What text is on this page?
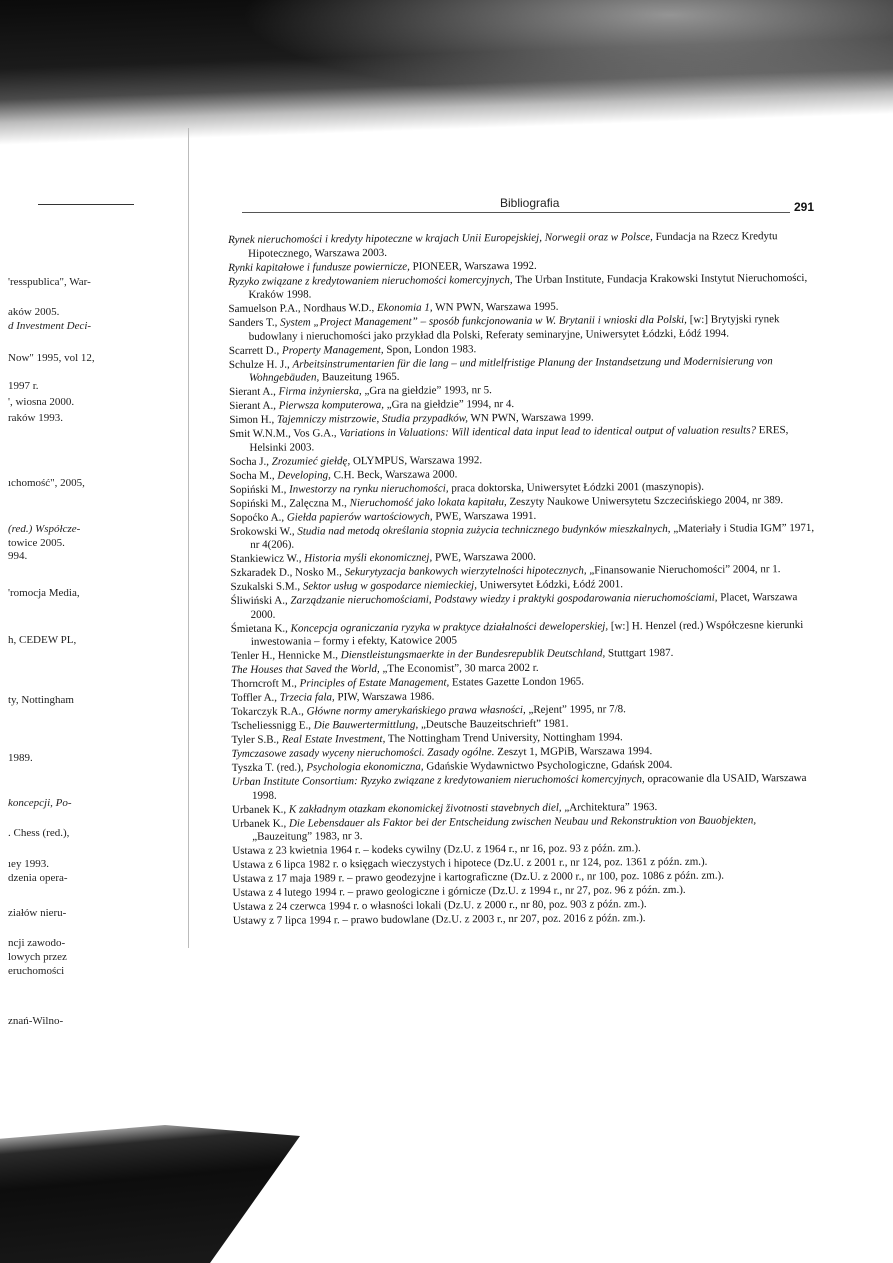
'resspublica", War-
aków 2005.
d Investment Deci-
Now" 1995, vol 12,
1997 r.
', wiosna 2000.
raków 1993.
ıchomość", 2005,
(red.) Współcze-
towice 2005.
994.
'romocja Media,
h, CEDEW PL,
ty, Nottingham
1989.
koncepcji, Po-
. Chess (red.),
ıey 1993.
dzenia opera-
ziałów nieru-
ncji zawodo-
lowych przez
eruchomości
znań-Wilno-
Bibliografia	291
Rynek nieruchomości i kredyty hipoteczne w krajach Unii Europejskiej, Norwegii oraz w Polsce, Fundacja na Rzecz Kredytu Hipotecznego, Warszawa 2003.
Rynki kapitałowe i fundusze powiernicze, PIONEER, Warszawa 1992.
Ryzyko związane z kredytowaniem nieruchomości komercyjnych, The Urban Institute, Fundacja Krakowski Instytut Nieruchomości, Kraków 1998.
Samuelson P.A., Nordhaus W.D., Ekonomia 1, WN PWN, Warszawa 1995.
Sanders T., System „Project Management” – sposób funkcjonowania w W. Brytanii i wnioski dla Polski, [w:] Brytyjski rynek budowlany i nieruchomości jako przykład dla Polski, Referaty seminaryjne, Uniwersytet Łódzki, Łódź 1994.
Scarrett D., Property Management, Spon, London 1983.
Schulze H. J., Arbeitsinstrumentarien für die lang – und mitlelfristige Planung der Instandsetzung und Modernisierung von Wohngebäuden, Bauzeitung 1965.
Sierant A., Firma inżynierska, „Gra na giełdzie” 1993, nr 5.
Sierant A., Pierwsza komputerowa, „Gra na giełdzie” 1994, nr 4.
Simon H., Tajemniczy mistrzowie, Studia przypadków, WN PWN, Warszawa 1999.
Smit W.N.M., Vos G.A., Variations in Valuations: Will identical data input lead to identical output of valuation results? ERES, Helsinki 2003.
Socha J., Zrozumieć giełdę, OLYMPUS, Warszawa 1992.
Socha M., Developing, C.H. Beck, Warszawa 2000.
Sopiński M., Inwestorzy na rynku nieruchomości, praca doktorska, Uniwersytet Łódzki 2001 (maszynopis).
Sopiński M., Zalęczna M., Nieruchomość jako lokata kapitału, Zeszyty Naukowe Uniwersytetu Szczecińskiego 2004, nr 389.
Sopoćko A., Giełda papierów wartościowych, PWE, Warszawa 1991.
Srokowski W., Studia nad metodą określania stopnia zużycia technicznego budynków mieszkalnych, „Materiały i Studia IGM” 1971, nr 4(206).
Stankiewicz W., Historia myśli ekonomicznej, PWE, Warszawa 2000.
Szkaradek D., Nosko M., Sekurytyzacja bankowych wierzytelności hipotecznych, „Finansowanie Nieruchomości” 2004, nr 1.
Szukalski S.M., Sektor usług w gospodarce niemieckiej, Uniwersytet Łódzki, Łódź 2001.
Śliwiński A., Zarządzanie nieruchomościami, Podstawy wiedzy i praktyki gospodarowania nieruchomościami, Placet, Warszawa 2000.
Śmietana K., Koncepcja ograniczania ryzyka w praktyce działalności deweloperskiej, [w:] H. Henzel (red.) Współczesne kierunki inwestowania – formy i efekty, Katowice 2005
Tenler H., Hennicke M., Dienstleistungsmaerkte in der Bundesrepublik Deutschland, Stuttgart 1987.
The Houses that Saved the World, „The Economist”, 30 marca 2002 r.
Thorncroft M., Principles of Estate Management, Estates Gazette London 1965.
Toffler A., Trzecia fala, PIW, Warszawa 1986.
Tokarczyk R.A., Główne normy amerykańskiego prawa własności, „Rejent” 1995, nr 7/8.
Tscheliessnigg E., Die Bauwertermittlung, „Deutsche Bauzeitschrieft” 1981.
Tyler S.B., Real Estate Investment, The Nottingham Trend University, Nottingham 1994.
Tymczasowe zasady wyceny nieruchomości. Zasady ogólne. Zeszyt 1, MGPiB, Warszawa 1994.
Tyszka T. (red.), Psychologia ekonomiczna, Gdańskie Wydawnictwo Psychologiczne, Gdańsk 2004.
Urban Institute Consortium: Ryzyko związane z kredytowaniem nieruchomości komercyjnych, opracowanie dla USAID, Warszawa 1998.
Urbanek K., K zakładnym otazkam ekonomickej životnosti stavebnych diel, „Architektura” 1963.
Urbanek K., Die Lebensdauer als Faktor bei der Entscheidung zwischen Neubau und Rekonstruktion von Bauobjekten, „Bauzeitung” 1983, nr 3.
Ustawa z 23 kwietnia 1964 r. – kodeks cywilny (Dz.U. z 1964 r., nr 16, poz. 93 z późn. zm.).
Ustawa z 6 lipca 1982 r. o księgach wieczystych i hipotece (Dz.U. z 2001 r., nr 124, poz. 1361 z późn. zm.).
Ustawa z 17 maja 1989 r. – prawo geodezyjne i kartograficzne (Dz.U. z 2000 r., nr 100, poz. 1086 z późn. zm.).
Ustawa z 4 lutego 1994 r. – prawo geologiczne i górnicze (Dz.U. z 1994 r., nr 27, poz. 96 z późn. zm.).
Ustawa z 24 czerwca 1994 r. o własności lokali (Dz.U. z 2000 r., nr 80, poz. 903 z późn. zm.).
Ustawy z 7 lipca 1994 r. – prawo budowlane (Dz.U. z 2003 r., nr 207, poz. 2016 z późn. zm.).
